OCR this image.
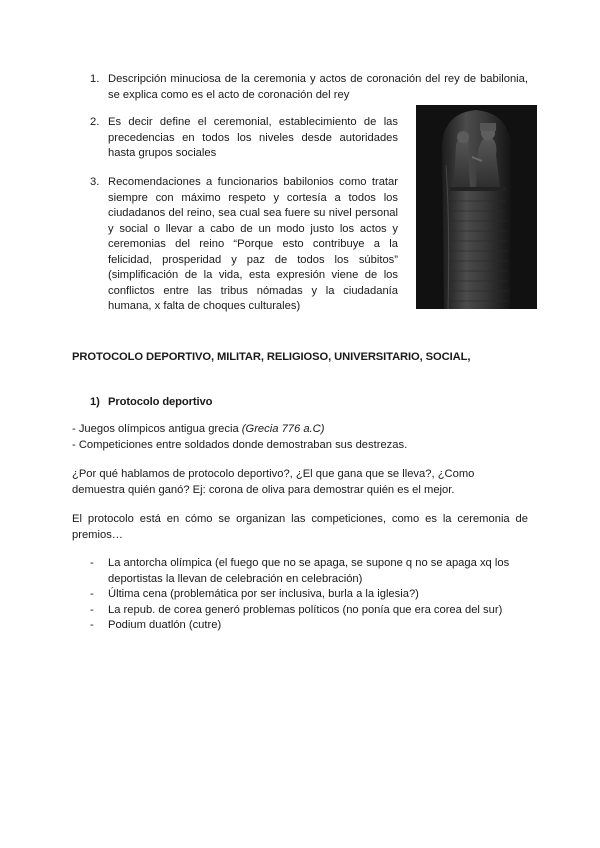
1. Descripción minuciosa de la ceremonia y actos de coronación del rey de babilonia, se explica como es el acto de coronación del rey
2. Es decir define el ceremonial, establecimiento de las precedencias en todos los niveles desde autoridades hasta grupos sociales
3. Recomendaciones a funcionarios babilonios como tratar siempre con máximo respeto y cortesía a todos los ciudadanos del reino, sea cual sea fuere su nivel personal y social o llevar a cabo de un modo justo los actos y ceremonias del reino “Porque esto contribuye a la felicidad, prosperidad y paz de todos los súbitos” (simplificación de la vida, esta expresión viene de los conflictos entre las tribus nómadas y la ciudadanía humana, x falta de choques culturales)
PROTOCOLO DEPORTIVO, MILITAR, RELIGIOSO, UNIVERSITARIO, SOCIAL,
1) Protocolo deportivo
- Juegos olímpicos antigua grecia (Grecia 776 a.C)
- Competiciones entre soldados donde demostraban sus destrezas.
¿Por qué hablamos de protocolo deportivo?, ¿El que gana que se lleva?, ¿Como demuestra quién ganó? Ej: corona de oliva para demostrar quién es el mejor.
El protocolo está en cómo se organizan las competiciones, como es la ceremonia de premios…
-	La antorcha olímpica (el fuego que no se apaga, se supone q no se apaga xq los deportistas la llevan de celebración en celebración)
-	Última cena (problemática por ser inclusiva, burla a la iglesia?)
-	La repub. de corea generó problemas políticos (no ponía que era corea del sur)
-	Podium duatlón (cutre)
